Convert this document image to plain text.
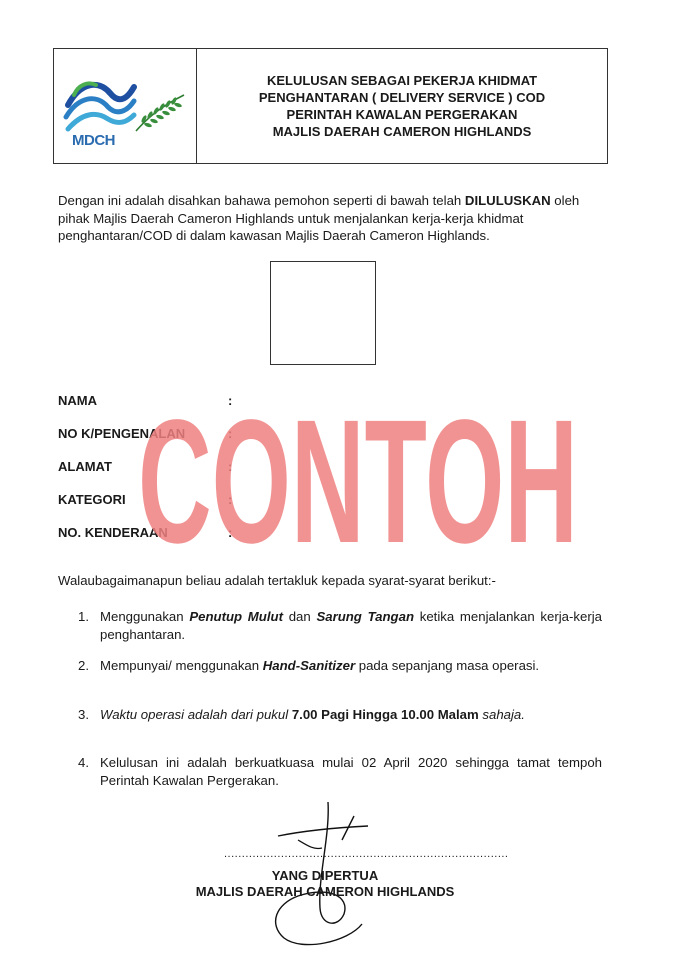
MDCH
KELULUSAN SEBAGAI PEKERJA KHIDMAT
PENGHANTARAN ( DELIVERY SERVICE ) COD
PERINTAH KAWALAN PERGERAKAN
MAJLIS DAERAH CAMERON HIGHLANDS
Dengan ini adalah disahkan bahawa pemohon seperti di bawah telah DILULUSKAN oleh pihak Majlis Daerah Cameron Highlands untuk menjalankan kerja-kerja khidmat penghantaran/COD di dalam kawasan Majlis Daerah Cameron Highlands.
NAMA	:
NO K/PENGENALAN	:
ALAMAT	:
KATEGORI	:
NO. KENDERAAN	:
CONTOH
Walaubagaimanapun beliau adalah tertakluk kepada syarat-syarat berikut:-
1. Menggunakan Penutup Mulut dan Sarung Tangan ketika menjalankan kerja-kerja penghantaran.
2. Mempunyai/ menggunakan Hand-Sanitizer pada sepanjang masa operasi.
3. Waktu operasi adalah dari pukul 7.00 Pagi Hingga 10.00 Malam sahaja.
4. Kelulusan ini adalah berkuatkuasa mulai 02 April 2020 sehingga tamat tempoh Perintah Kawalan Pergerakan.
................................................................................
YANG DIPERTUA
MAJLIS DAERAH CAMERON HIGHLANDS
